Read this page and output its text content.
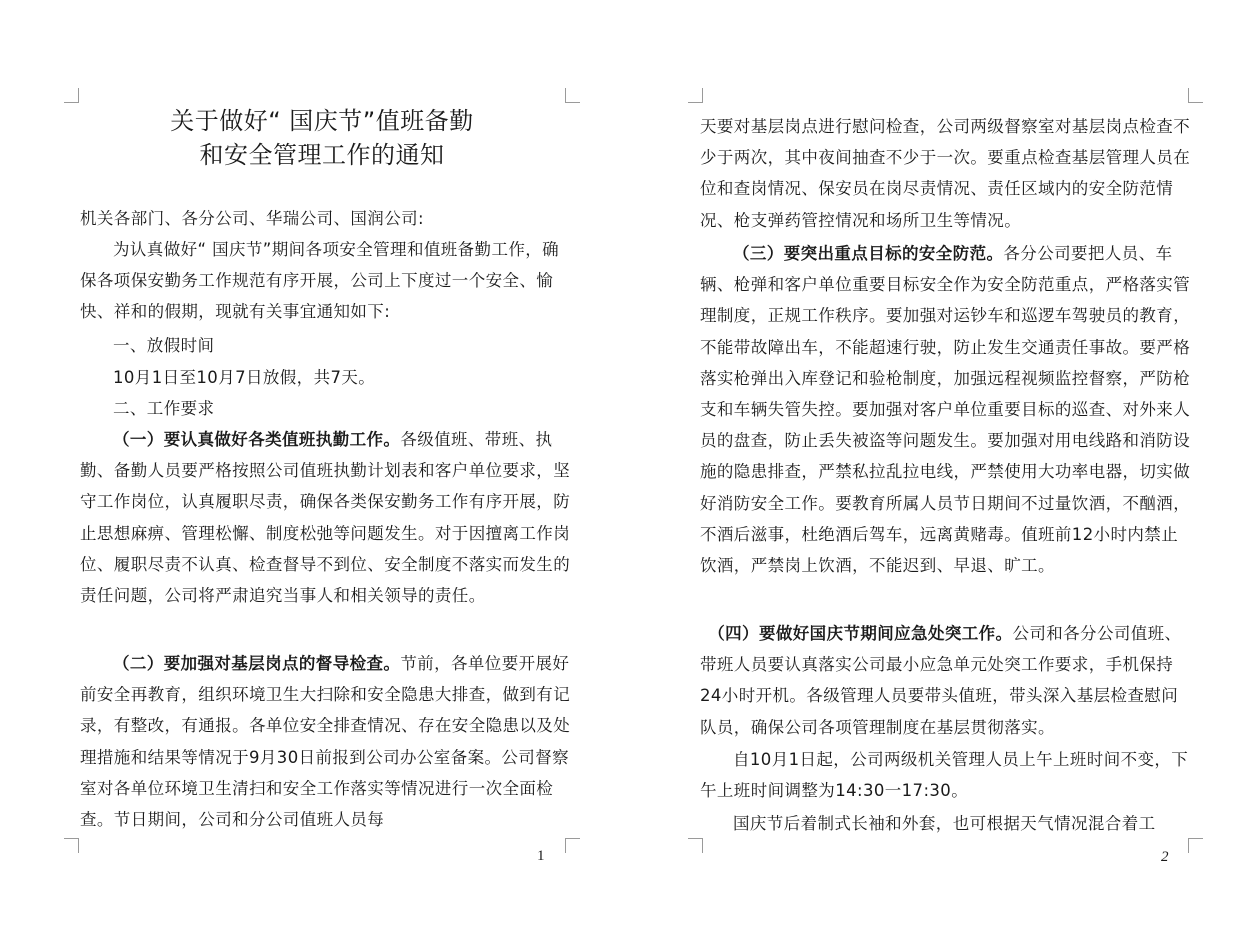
关于做好“ 国庆节”值班备勤
和安全管理工作的通知

机关各部门、各分公司、华瑞公司、国润公司:

为认真做好“ 国庆节”期间各项安全管理和值班备勤工作，确保各项保安勤务工作规范有序开展，公司上下度过一个安全、愉快、祥和的假期，现就有关事宜通知如下:

一、放假时间

10月1日至10月7日放假，共7天。

二、工作要求

（一）要认真做好各类值班执勤工作。各级值班、带班、执勤、备勤人员要严格按照公司值班执勤计划表和客户单位要求，坚守工作岗位，认真履职尽责，确保各类保安勤务工作有序开展，防止思想麻痹、管理松懈、制度松弛等问题发生。对于因擅离工作岗位、履职尽责不认真、检查督导不到位、安全制度不落实而发生的责任问题，公司将严肃追究当事人和相关领导的责任。

（二）要加强对基层岗点的督导检查。节前，各单位要开展好前安全再教育，组织环境卫生大扫除和安全隐患大排查，做到有记录，有整改，有通报。各单位安全排查情况、存在安全隐患以及处理措施和结果等情况于9月30日前报到公司办公室备案。公司督察室对各单位环境卫生清扫和安全工作落实等情况进行一次全面检查。节日期间，公司和分公司值班人员每

1

天要对基层岗点进行慰问检查，公司两级督察室对基层岗点检查不少于两次，其中夜间抽查不少于一次。要重点检查基层管理人员在位和查岗情况、保安员在岗尽责情况、责任区域内的安全防范情况、枪支弹药管控情况和场所卫生等情况。

（三）要突出重点目标的安全防范。各分公司要把人员、车辆、枪弹和客户单位重要目标安全作为安全防范重点，严格落实管理制度，正规工作秩序。要加强对运钞车和巡逻车驾驶员的教育，不能带故障出车，不能超速行驶，防止发生交通责任事故。要严格落实枪弹出入库登记和验枪制度，加强远程视频监控督察，严防枪支和车辆失管失控。要加强对客户单位重要目标的巡查、对外来人员的盘查，防止丢失被盗等问题发生。要加强对用电线路和消防设施的隐患排查，严禁私拉乱拉电线，严禁使用大功率电器，切实做好消防安全工作。要教育所属人员节日期间不过量饮酒，不酗酒，不酒后滋事，杜绝酒后驾车，远离黄赌毒。值班前12小时内禁止饮酒，严禁岗上饮酒，不能迟到、早退、旷工。

（四）要做好国庆节期间应急处突工作。公司和各分公司值班、带班人员要认真落实公司最小应急单元处突工作要求，手机保持24小时开机。各级管理人员要带头值班，带头深入基层检查慰问队员，确保公司各项管理制度在基层贯彻落实。

自10月1日起，公司两级机关管理人员上午上班时间不变，下午上班时间调整为14:30一17:30。

国庆节后着制式长袖和外套，也可根据天气情况混合着工

2
